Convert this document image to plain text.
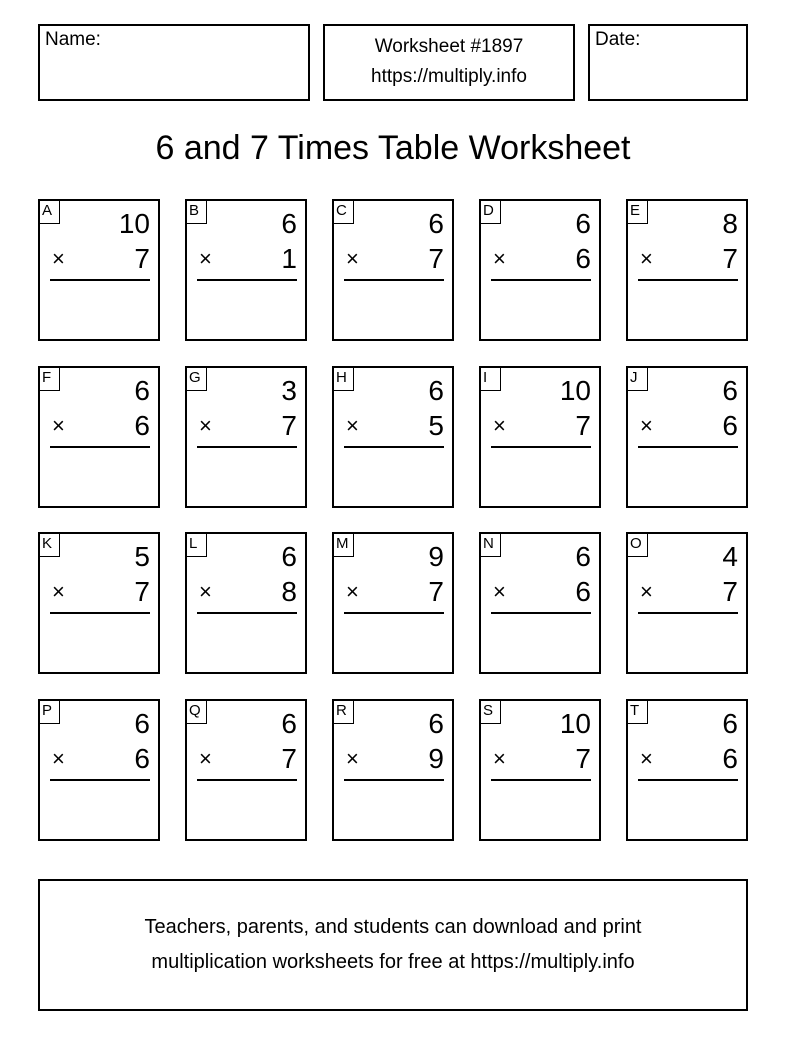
Name:	Worksheet #1897
https://multiply.info
Date:
6 and 7 Times Table Worksheet
A 10
× 7
B	6
× 1
C	6
× 7
D	6
× 6
E	8
× 7
F	6
× 6
G	3
× 7
H	6
× 5
I	10
× 7
J	6
× 6
K	5
× 7
L	6
× 8
M	9
× 7
N	6
× 6
O	4
× 7
P	6
× 6
Q	6
× 7
R	6
× 9
S 10
× 7
T	6
× 6
Teachers, parents, and students can download and print
multiplication worksheets for free at https://multiply.info
